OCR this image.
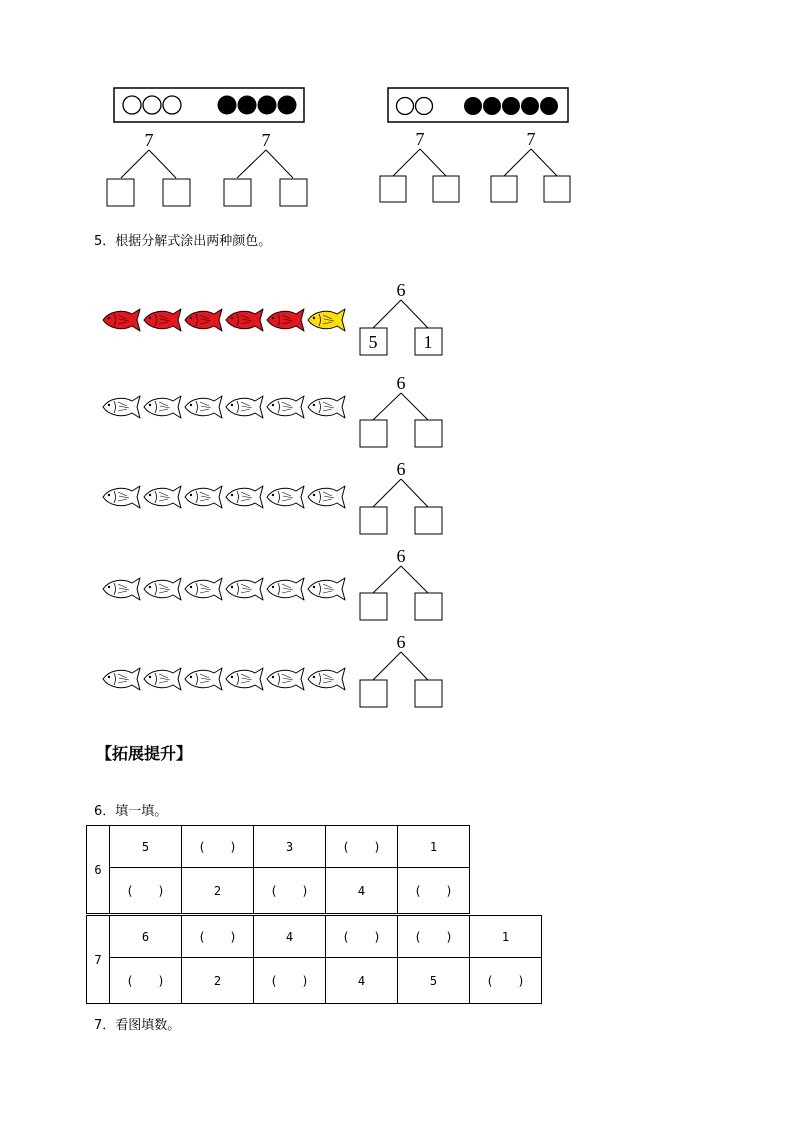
7	7	7	7
5．根据分解式涂出两种颜色。
6
5	1
6
6
6
6
【拓展提升】
6．填一填。
6	5	(　　)	3	(　　)	1
	(　　)	2	(　　)	4	(　　)
7	6	(　　)	4	(　　)	(　　)	1
	(　　)	2	(　　)	4	5	(　　)
7．看图填数。
